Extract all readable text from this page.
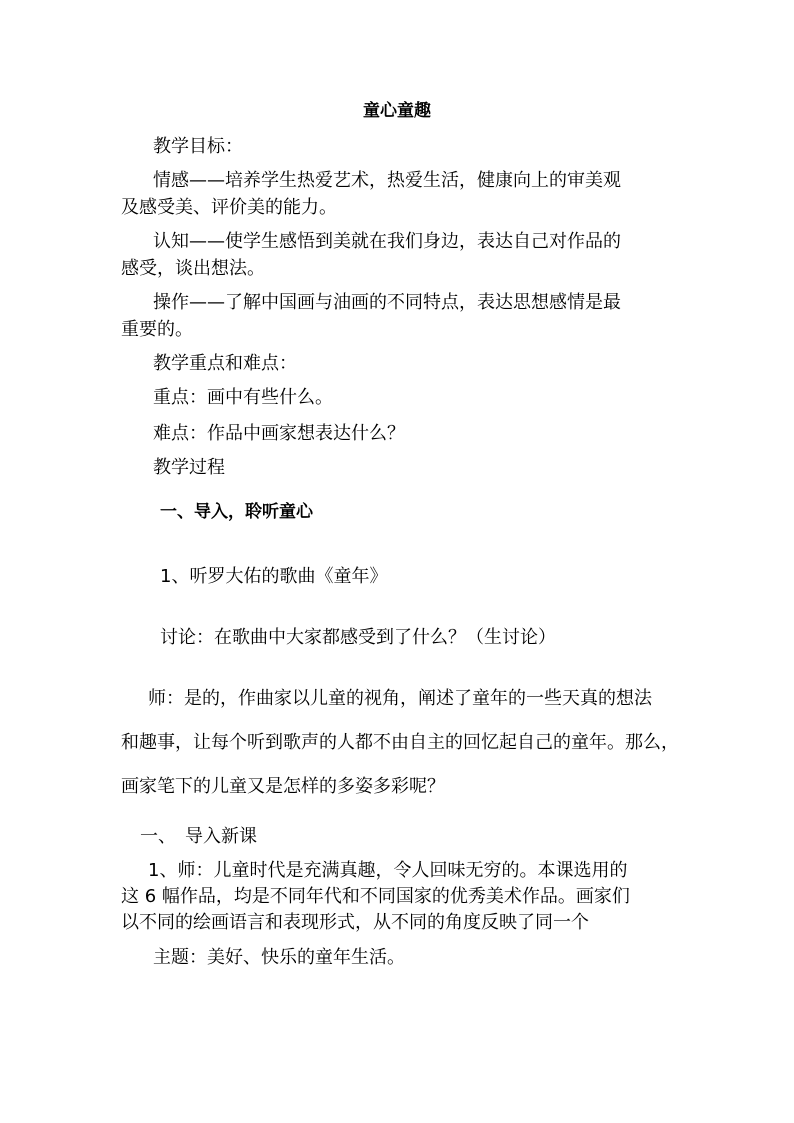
童心童趣
教学目标：
情感——培养学生热爱艺术，热爱生活，健康向上的审美观
及感受美、评价美的能力。
认知——使学生感悟到美就在我们身边，表达自己对作品的
感受，谈出想法。
操作——了解中国画与油画的不同特点，表达思想感情是最
重要的。
教学重点和难点：
重点：画中有些什么。
难点：作品中画家想表达什么？
教学过程
一、导入，聆听童心
1、听罗大佑的歌曲《童年》
讨论：在歌曲中大家都感受到了什么？（生讨论）
师：是的，作曲家以儿童的视角，阐述了童年的一些天真的想法
和趣事，让每个听到歌声的人都不由自主的回忆起自己的童年。那么，
画家笔下的儿童又是怎样的多姿多彩呢？
一、　导入新课
1、师：儿童时代是充满真趣，令人回味无穷的。本课选用的
这 6 幅作品，均是不同年代和不同国家的优秀美术作品。画家们
以不同的绘画语言和表现形式，从不同的角度反映了同一个
主题：美好、快乐的童年生活。
